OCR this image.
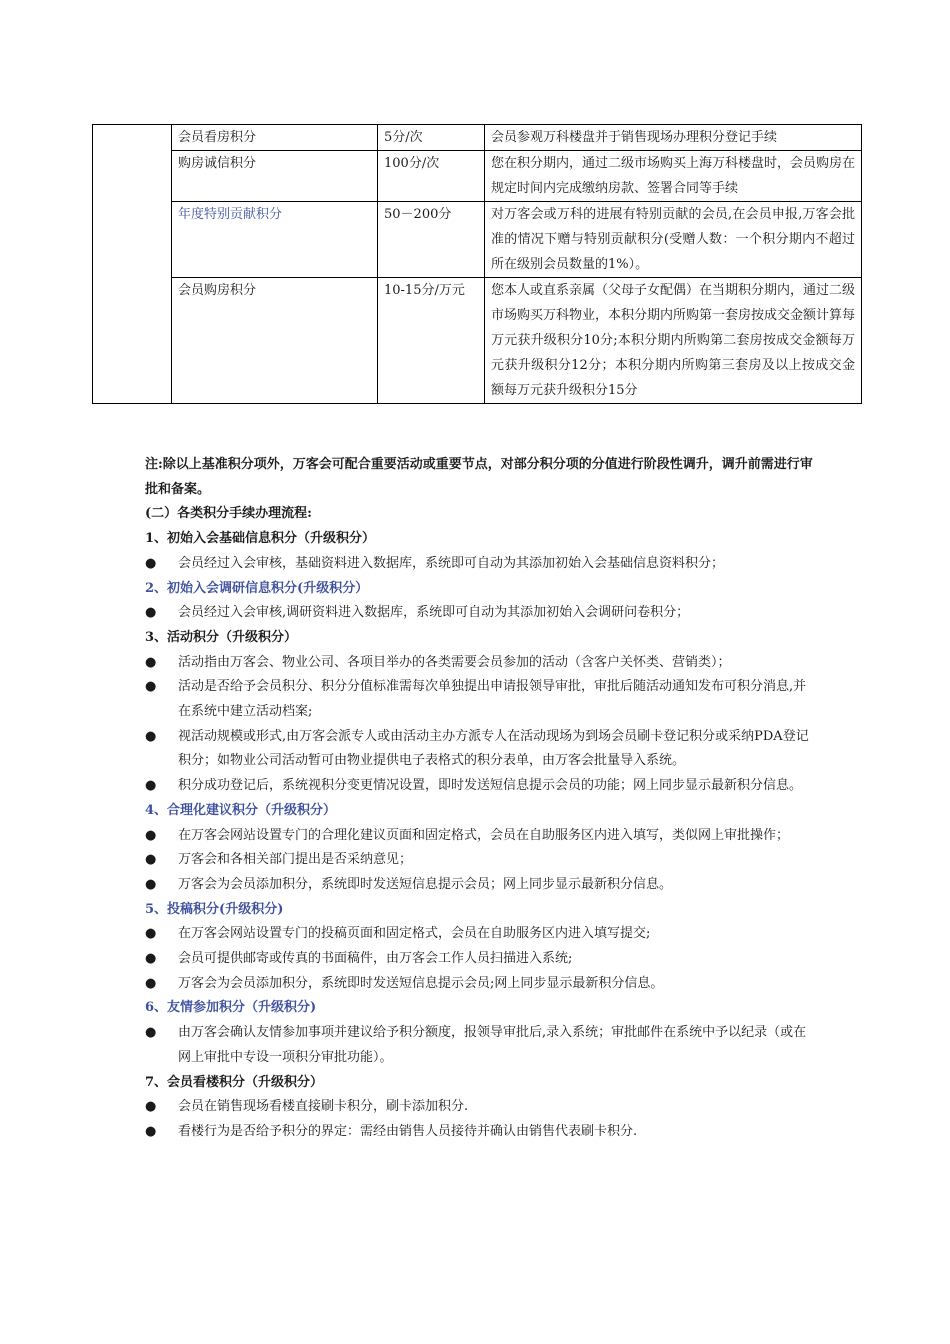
	会员看房积分	5分/次	会员参观万科楼盘并于销售现场办理积分登记手续
	购房诚信积分	100分/次	您在积分期内，通过二级市场购买上海万科楼盘时，会员购房在规定时间内完成缴纳房款、签署合同等手续
	年度特别贡献积分	50－200分	对万客会或万科的进展有特别贡献的会员,在会员申报,万客会批准的情况下赠与特别贡献积分(受赠人数：一个积分期内不超过所在级别会员数量的1%）。
	会员购房积分	10-15分/万元	您本人或直系亲属（父母子女配偶）在当期积分期内，通过二级市场购买万科物业，本积分期内所购第一套房按成交金额计算每万元获升级积分10分;本积分期内所购第二套房按成交金额每万元获升级积分12分；本积分期内所购第三套房及以上按成交金额每万元获升级积分15分

注:除以上基准积分项外，万客会可配合重要活动或重要节点，对部分积分项的分值进行阶段性调升，调升前需进行审批和备案。

(二）各类积分手续办理流程:

1、初始入会基础信息积分（升级积分）

● 会员经过入会审核，基础资料进入数据库，系统即可自动为其添加初始入会基础信息资料积分；

2、初始入会调研信息积分(升级积分）

● 会员经过入会审核,调研资料进入数据库，系统即可自动为其添加初始入会调研问卷积分；

3、活动积分（升级积分）

● 活动指由万客会、物业公司、各项目举办的各类需要会员参加的活动（含客户关怀类、营销类）；
● 活动是否给予会员积分、积分分值标准需每次单独提出申请报领导审批，审批后随活动通知发布可积分消息,并在系统中建立活动档案;
● 视活动规模或形式,由万客会派专人或由活动主办方派专人在活动现场为到场会员刷卡登记积分或采纳PDA登记积分；如物业公司活动暂可由物业提供电子表格式的积分表单，由万客会批量导入系统。
● 积分成功登记后，系统视积分变更情况设置，即时发送短信息提示会员的功能；网上同步显示最新积分信息。

4、合理化建议积分（升级积分）

● 在万客会网站设置专门的合理化建议页面和固定格式，会员在自助服务区内进入填写，类似网上审批操作；
● 万客会和各相关部门提出是否采纳意见；
● 万客会为会员添加积分，系统即时发送短信息提示会员；网上同步显示最新积分信息。

5、投稿积分(升级积分)

● 在万客会网站设置专门的投稿页面和固定格式，会员在自助服务区内进入填写提交;
● 会员可提供邮寄或传真的书面稿件，由万客会工作人员扫描进入系统;
● 万客会为会员添加积分，系统即时发送短信息提示会员;网上同步显示最新积分信息。

6、友情参加积分（升级积分)

● 由万客会确认友情参加事项并建议给予积分额度，报领导审批后,录入系统；审批邮件在系统中予以纪录（或在网上审批中专设一项积分审批功能）。

7、会员看楼积分（升级积分）

● 会员在销售现场看楼直接刷卡积分，刷卡添加积分.
● 看楼行为是否给予积分的界定：需经由销售人员接待并确认由销售代表刷卡积分.
